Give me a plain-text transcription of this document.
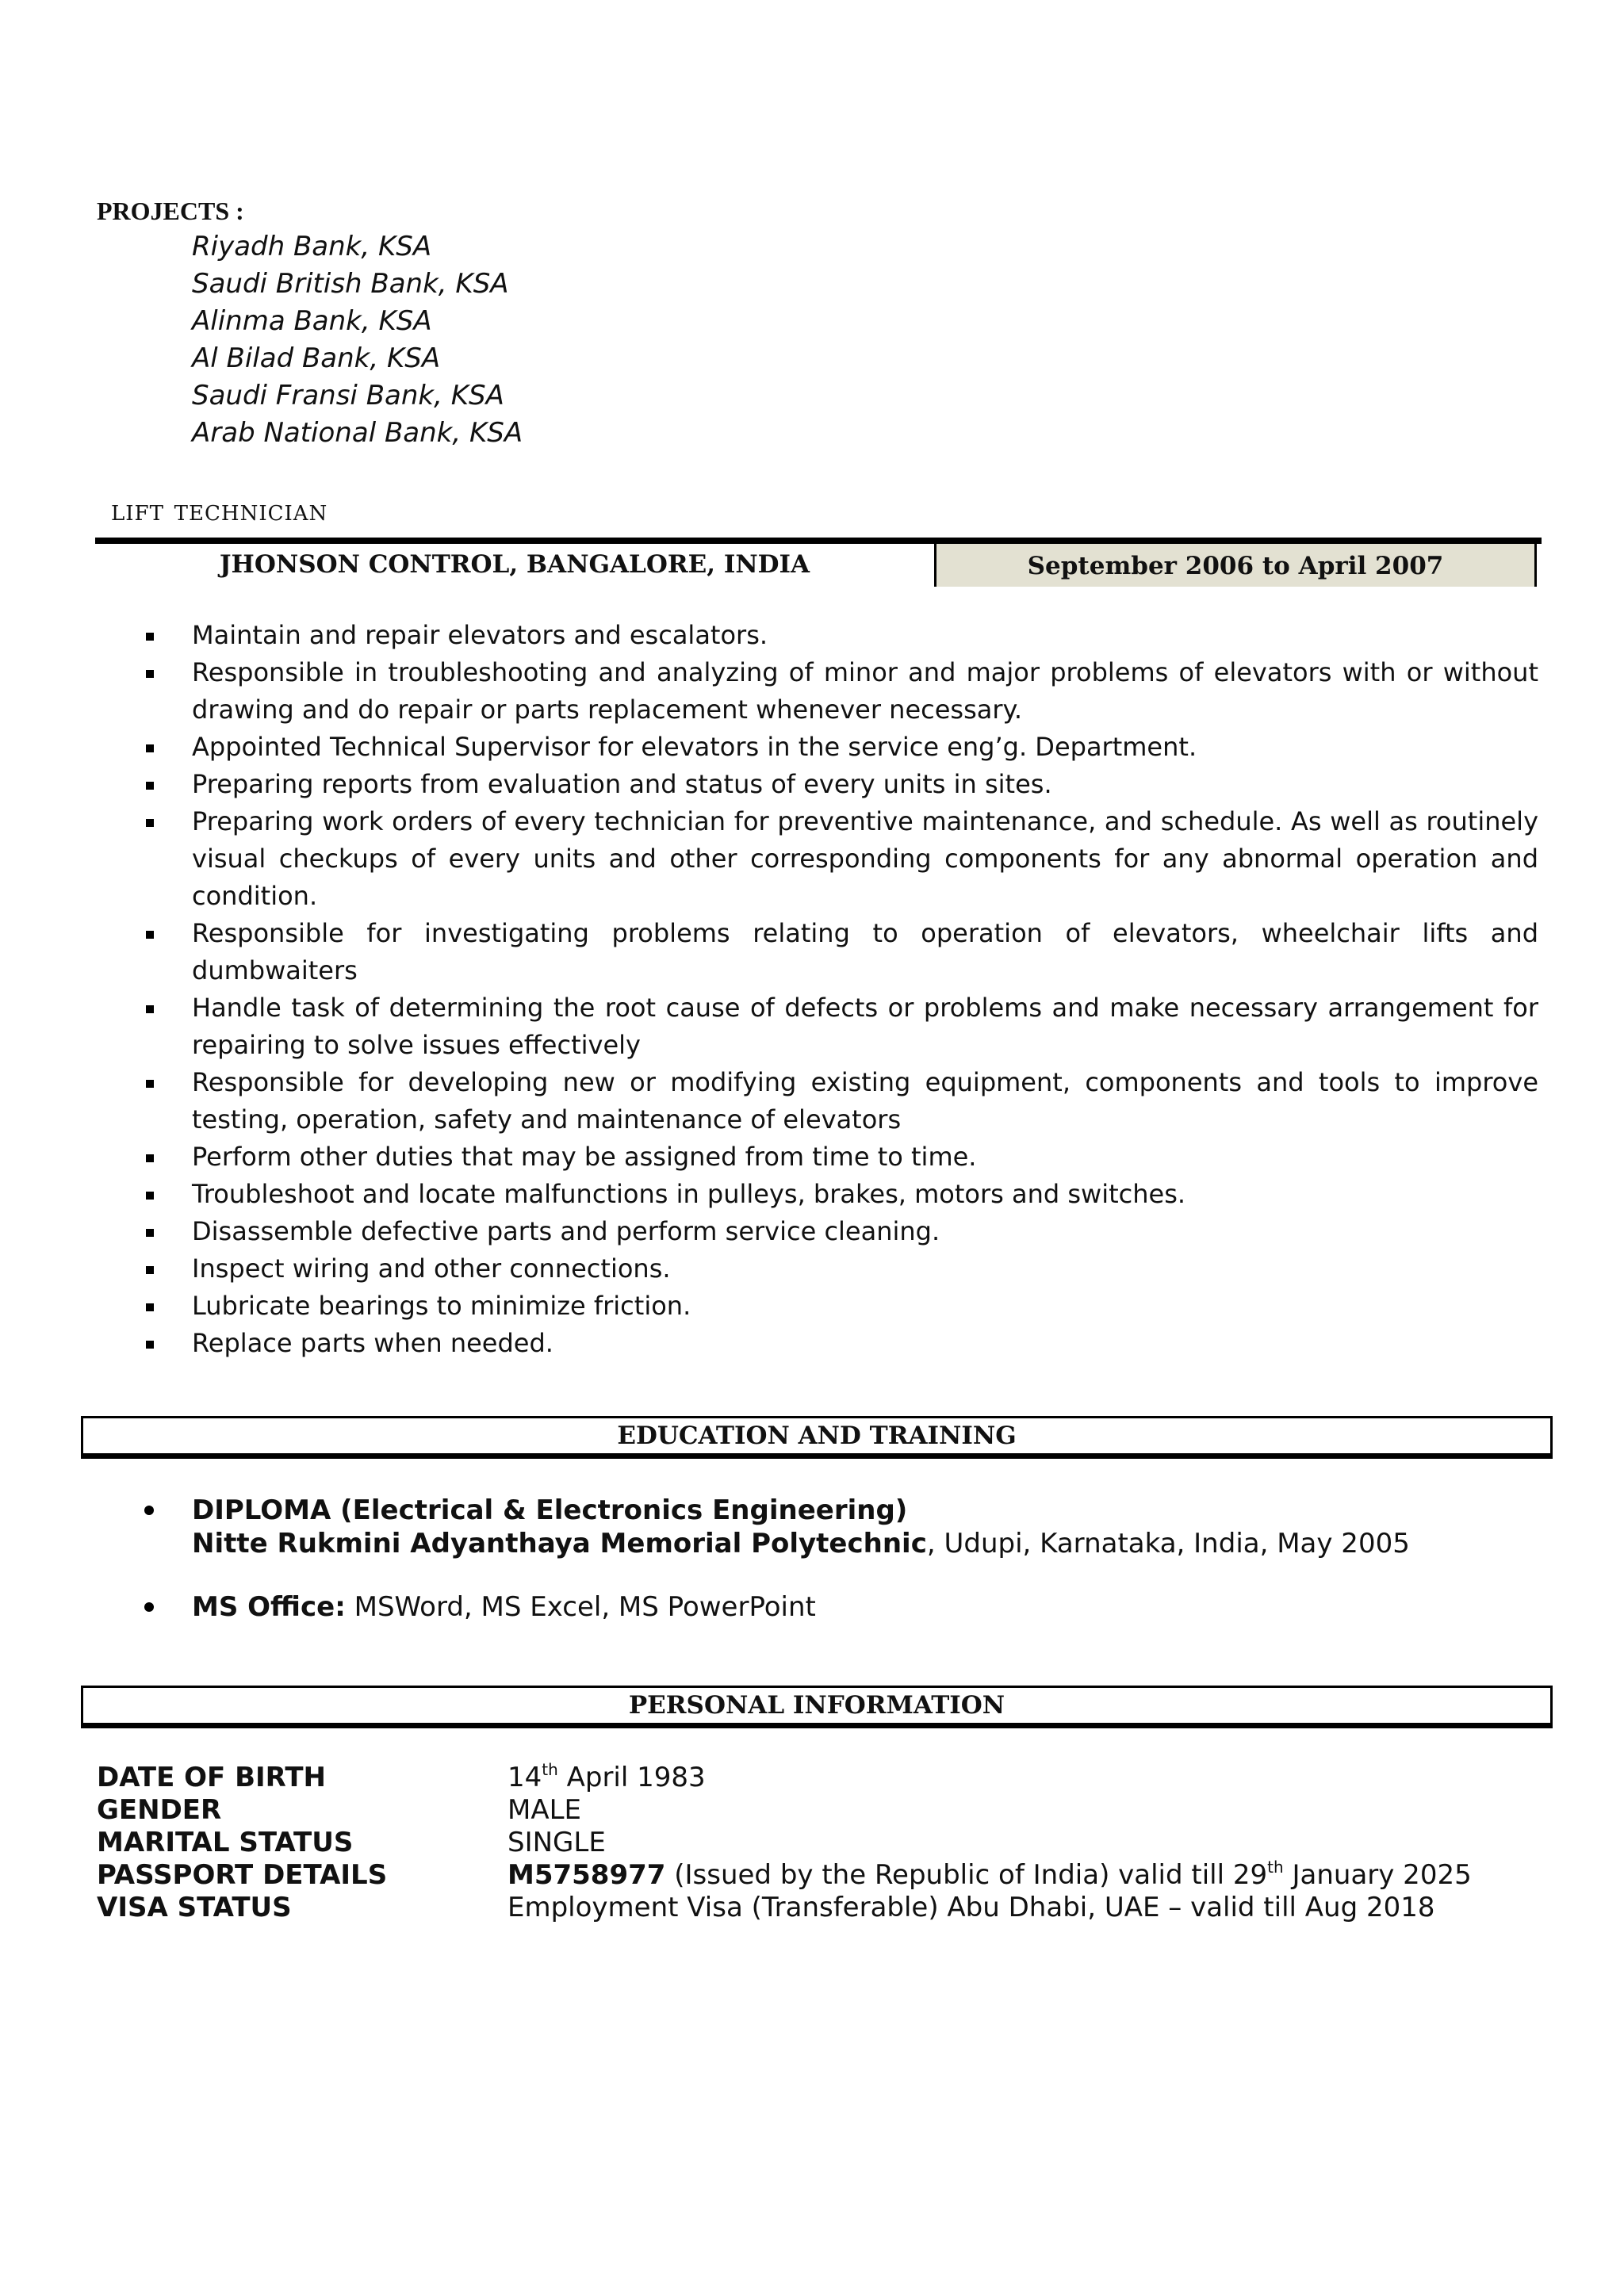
PROJECTS :
Riyadh Bank, KSA
Saudi British Bank, KSA
Alinma Bank, KSA
Al Bilad Bank, KSA
Saudi Fransi Bank, KSA
Arab National Bank, KSA
lift technician
JHONSON CONTROL, BANGALORE, INDIA	September 2006 to April 2007
Maintain and repair elevators and escalators.
Responsible in troubleshooting and analyzing of minor and major problems of elevators with or without drawing and do repair or parts replacement whenever necessary.
Appointed Technical Supervisor for elevators in the service eng’g. Department.
Preparing reports from evaluation and status of every units in sites.
Preparing work orders of every technician for preventive maintenance, and schedule. As well as routinely visual checkups of every units and other corresponding components for any abnormal operation and condition.
Responsible for investigating problems relating to operation of elevators, wheelchair lifts and dumbwaiters
Handle task of determining the root cause of defects or problems and make necessary arrangement for repairing to solve issues effectively
Responsible for developing new or modifying existing equipment, components and tools to improve testing, operation, safety and maintenance of elevators
Perform other duties that may be assigned from time to time.
Troubleshoot and locate malfunctions in pulleys, brakes, motors and switches.
Disassemble defective parts and perform service cleaning.
Inspect wiring and other connections.
Lubricate bearings to minimize friction.
Replace parts when needed.
EDUCATION AND TRAINING
DIPLOMA (Electrical & Electronics Engineering)
Nitte Rukmini Adyanthaya Memorial Polytechnic, Udupi, Karnataka, India, May 2005
MS Office: MSWord, MS Excel, MS PowerPoint
PERSONAL INFORMATION
DATE OF BIRTH	14th April 1983
GENDER	MALE
MARITAL STATUS	SINGLE
PASSPORT DETAILS	M5758977 (Issued by the Republic of India) valid till 29th January 2025
VISA STATUS	Employment Visa (Transferable) Abu Dhabi, UAE – valid till Aug 2018
